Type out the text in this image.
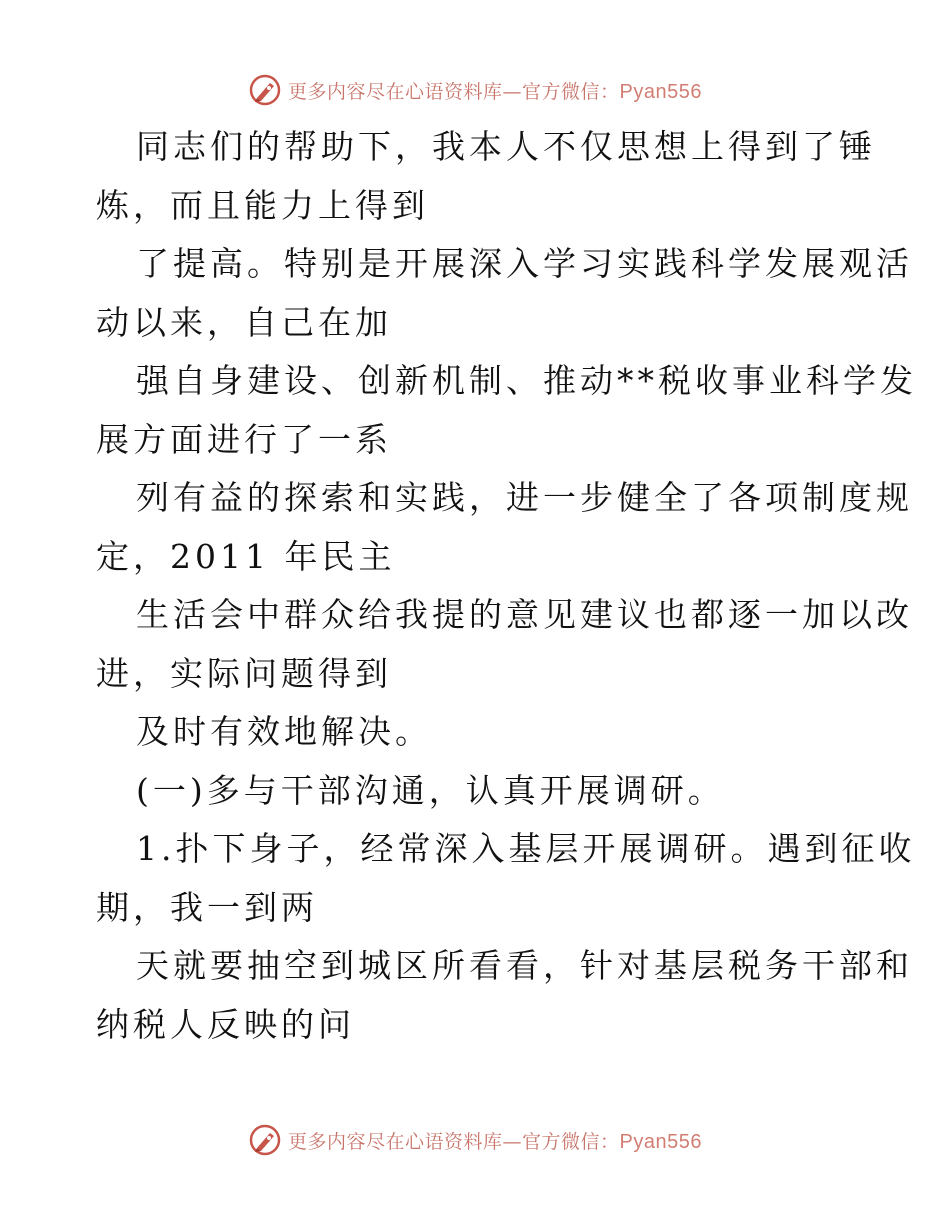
更多内容尽在心语资料库—官方微信：Pyan556
同志们的帮助下，我本人不仅思想上得到了锤
炼，而且能力上得到
了提高。特别是开展深入学习实践科学发展观活
动以来，自己在加
强自身建设、创新机制、推动**税收事业科学发
展方面进行了一系
列有益的探索和实践，进一步健全了各项制度规
定，2011 年民主
生活会中群众给我提的意见建议也都逐一加以改
进，实际问题得到
及时有效地解决。
(一)多与干部沟通，认真开展调研。
1.扑下身子，经常深入基层开展调研。遇到征收
期，我一到两
天就要抽空到城区所看看，针对基层税务干部和
纳税人反映的问
更多内容尽在心语资料库—官方微信：Pyan556
